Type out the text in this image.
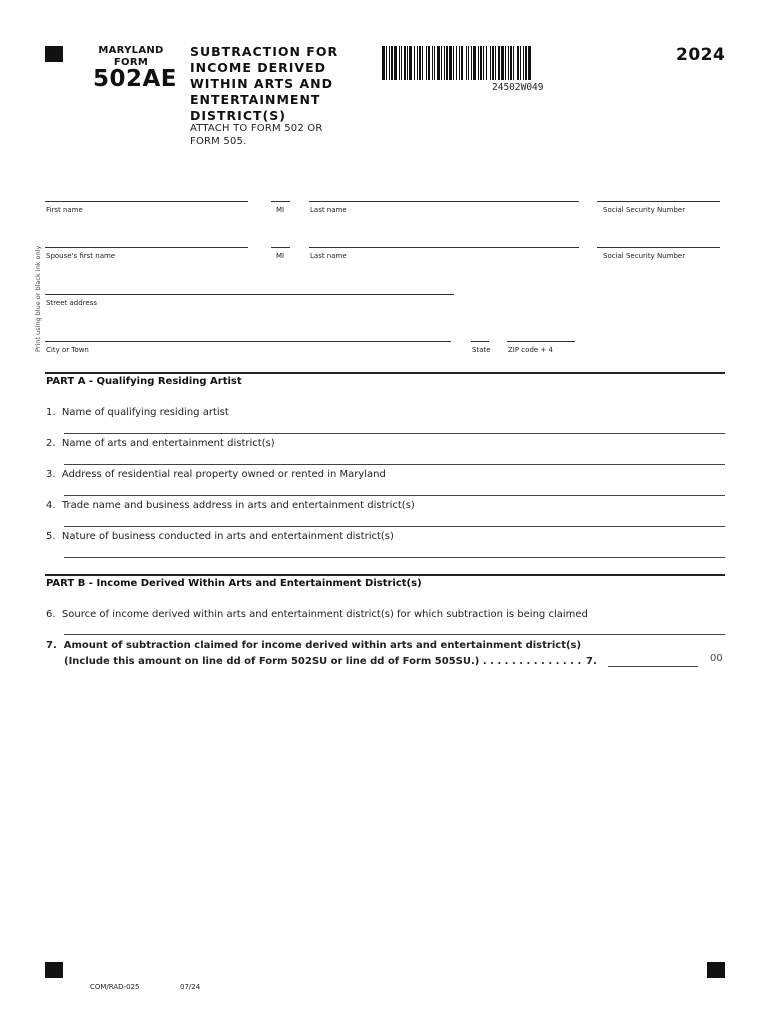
MARYLAND
FORM
502AE
SUBTRACTION FOR
INCOME DERIVED
WITHIN ARTS AND
ENTERTAINMENT
DISTRICT(S)
ATTACH TO FORM 502 OR
FORM 505.
24502W049
2024
Print using blue or black ink only
First name	MI	Last name	Social Security Number
Spouse's first name	MI	Last name	Social Security Number
Street address
City or Town	State ZIP code + 4
PART A - Qualifying Residing Artist
1. Name of qualifying residing artist
2. Name of arts and entertainment district(s)
3. Address of residential real property owned or rented in Maryland
4. Trade name and business address in arts and entertainment district(s)
5. Nature of business conducted in arts and entertainment district(s)
PART B - Income Derived Within Arts and Entertainment District(s)
6. Source of income derived within arts and entertainment district(s) for which subtraction is being claimed
7. Amount of subtraction claimed for income derived within arts and entertainment district(s)
(Include this amount on line dd of Form 502SU or line dd of Form 505SU.) . . . . . . . . . . . . . . 7.	00
COM/RAD-025	07/24
